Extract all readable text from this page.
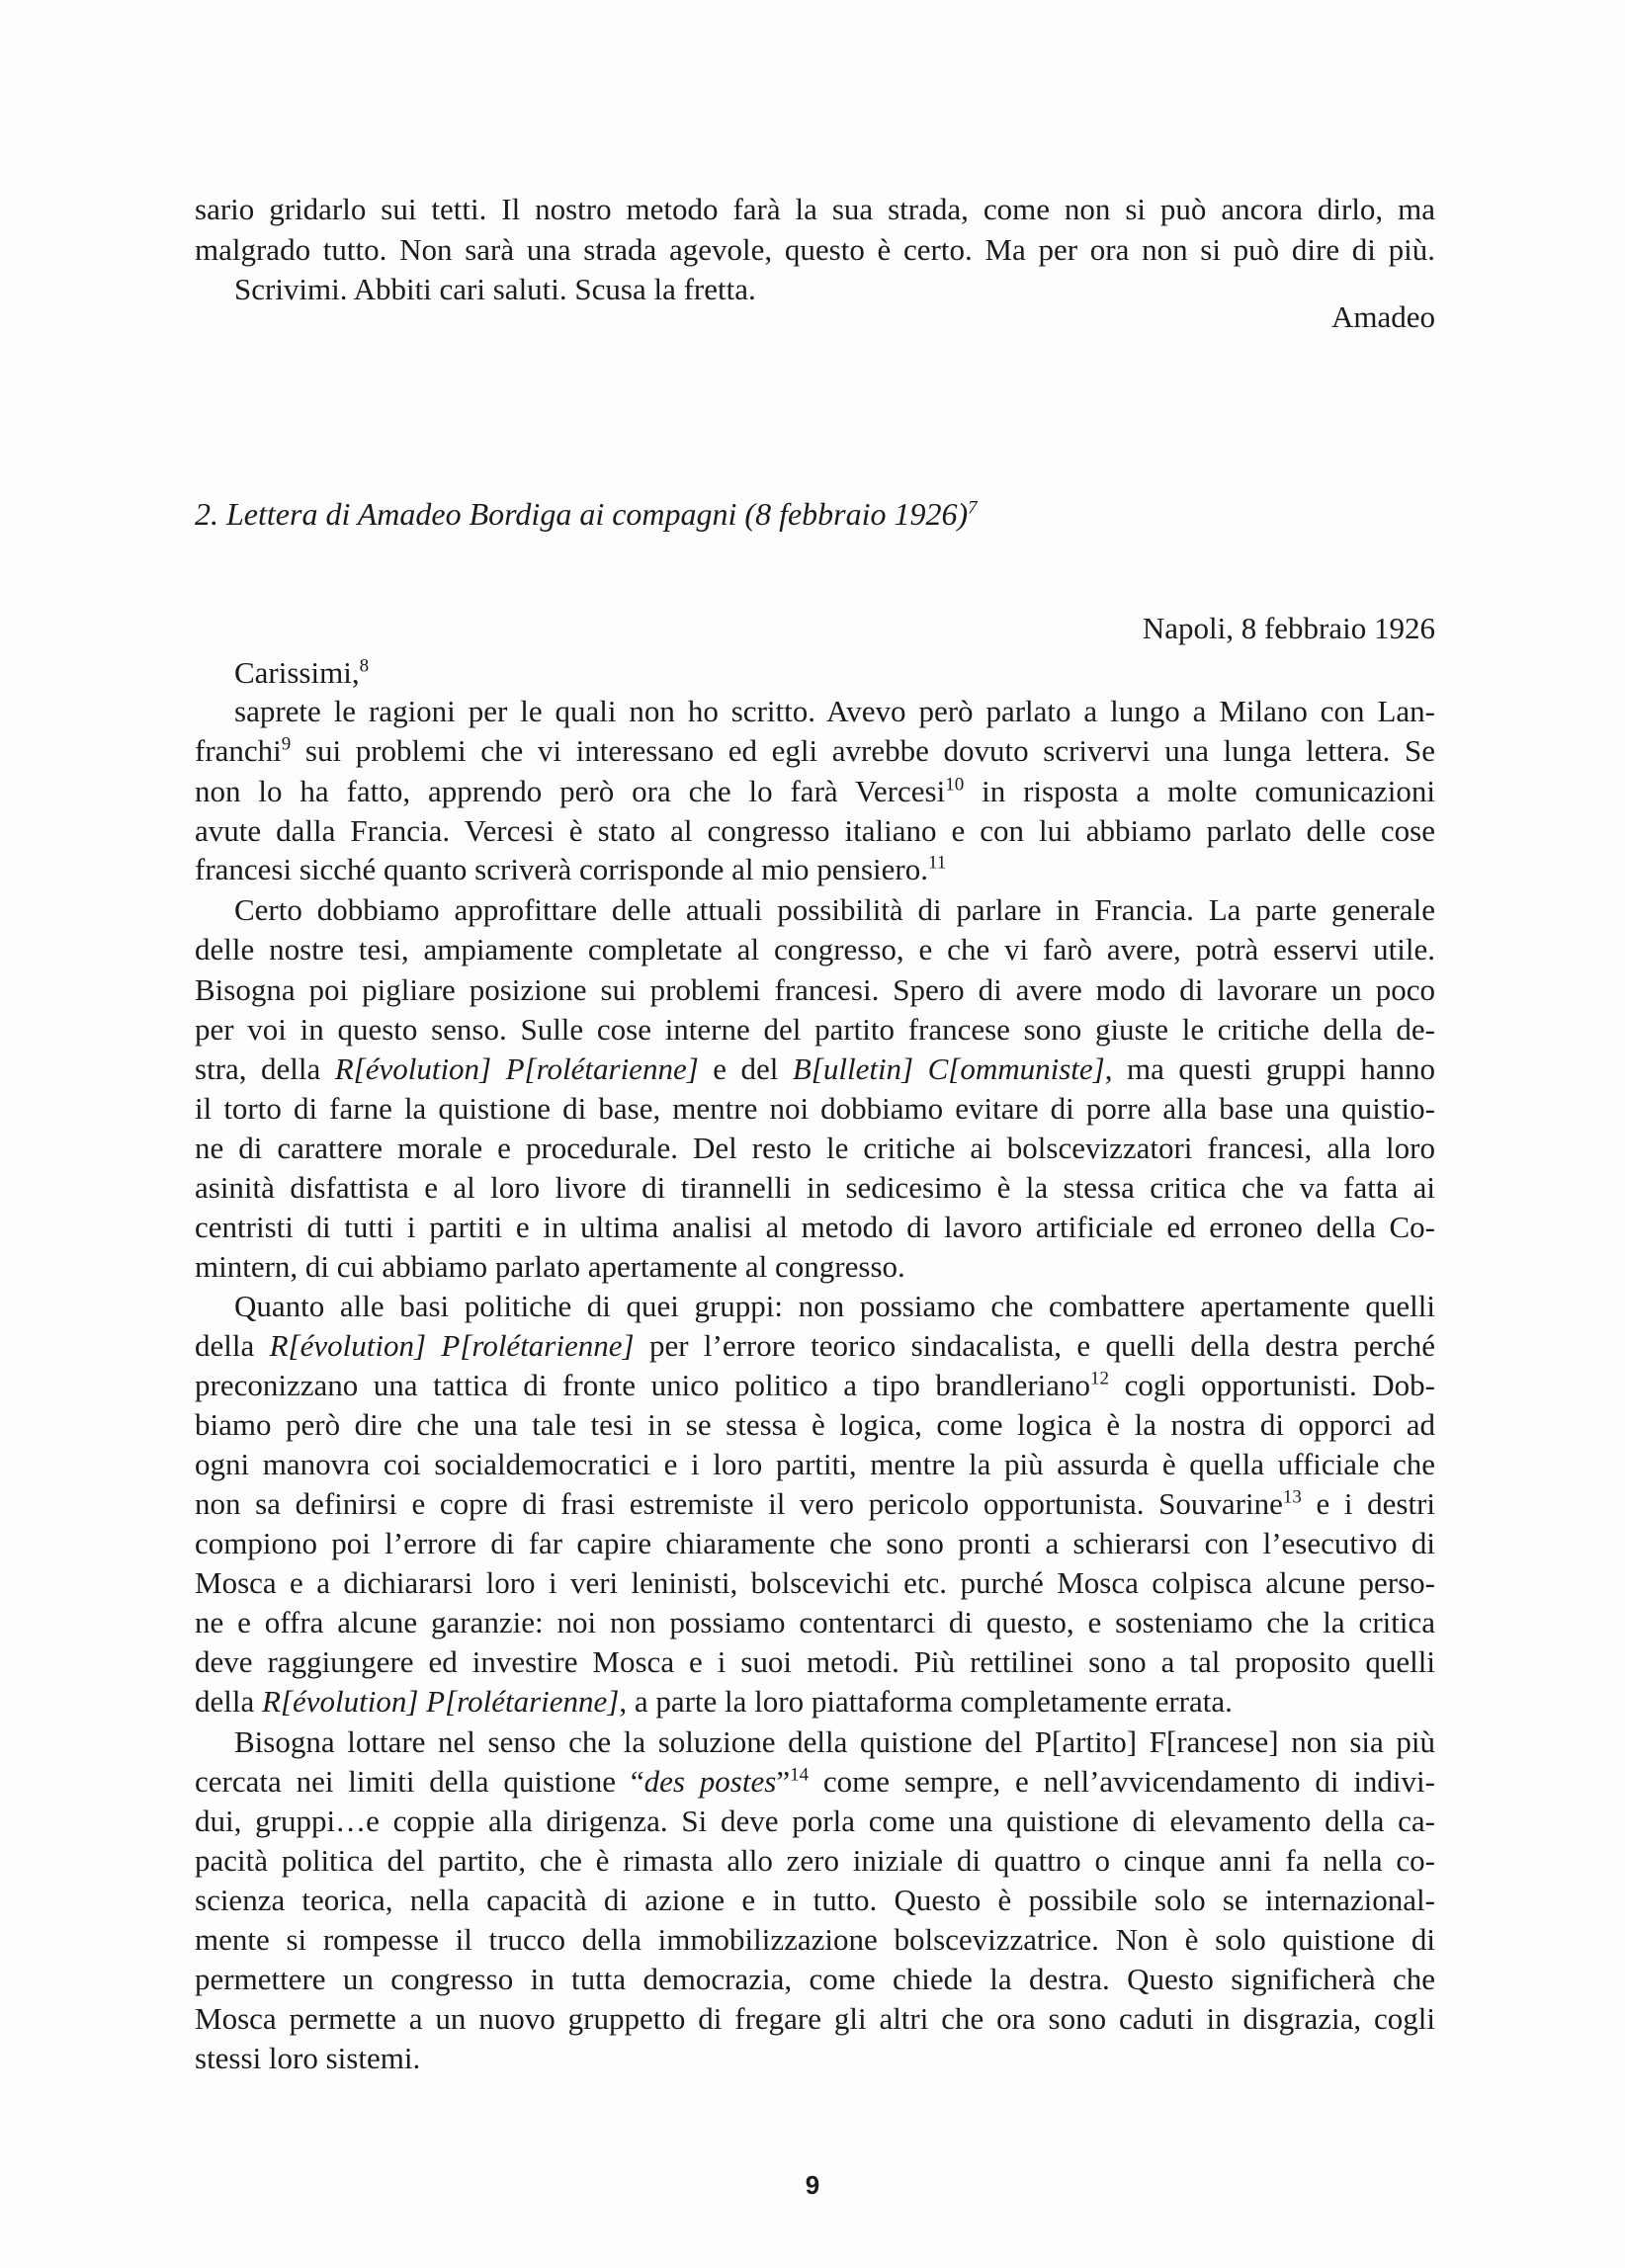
sario gridarlo sui tetti. Il nostro metodo farà la sua strada, come non si può ancora dirlo, ma
malgrado tutto. Non sarà una strada agevole, questo è certo. Ma per ora non si può dire di più.
Scrivimi. Abbiti cari saluti. Scusa la fretta.
Amadeo
2. Lettera di Amadeo Bordiga ai compagni (8 febbraio 1926)$^7$
Napoli, 8 febbraio 1926
Carissimi,$^8$
saprete le ragioni per le quali non ho scritto. Avevo però parlato a lungo a Milano con Lan-
franchi$^9$ sui problemi che vi interessano ed egli avrebbe dovuto scrivervi una lunga lettera. Se
non lo ha fatto, apprendo però ora che lo farà Vercesi$^{10}$ in risposta a molte comunicazioni
avute dalla Francia. Vercesi è stato al congresso italiano e con lui abbiamo parlato delle cose
francesi sicché quanto scriverà corrisponde al mio pensiero.$^{11}$
Certo dobbiamo approfittare delle attuali possibilità di parlare in Francia. La parte generale
delle nostre tesi, ampiamente completate al congresso, e che vi farò avere, potrà esservi utile.
Bisogna poi pigliare posizione sui problemi francesi. Spero di avere modo di lavorare un poco
per voi in questo senso. Sulle cose interne del partito francese sono giuste le critiche della de-
stra, della R[évolution] P[rolétarienne] e del B[ulletin] C[ommuniste], ma questi gruppi hanno
il torto di farne la quistione di base, mentre noi dobbiamo evitare di porre alla base una quistio-
ne di carattere morale e procedurale. Del resto le critiche ai bolscevizzatori francesi, alla loro
asinità disfattista e al loro livore di tirannelli in sedicesimo è la stessa critica che va fatta ai
centristi di tutti i partiti e in ultima analisi al metodo di lavoro artificiale ed erroneo della Co-
mintern, di cui abbiamo parlato apertamente al congresso.
Quanto alle basi politiche di quei gruppi: non possiamo che combattere apertamente quelli
della R[évolution] P[rolétarienne] per l’errore teorico sindacalista, e quelli della destra perché
preconizzano una tattica di fronte unico politico a tipo brandleriano$^{12}$ cogli opportunisti. Dob-
biamo però dire che una tale tesi in se stessa è logica, come logica è la nostra di opporci ad
ogni manovra coi socialdemocratici e i loro partiti, mentre la più assurda è quella ufficiale che
non sa definirsi e copre di frasi estremiste il vero pericolo opportunista. Souvarine$^{13}$ e i destri
compiono poi l’errore di far capire chiaramente che sono pronti a schierarsi con l’esecutivo di
Mosca e a dichiararsi loro i veri leninisti, bolscevichi etc. purché Mosca colpisca alcune perso-
ne e offra alcune garanzie: noi non possiamo contentarci di questo, e sosteniamo che la critica
deve raggiungere ed investire Mosca e i suoi metodi. Più rettilinei sono a tal proposito quelli
della R[évolution] P[rolétarienne], a parte la loro piattaforma completamente errata.
Bisogna lottare nel senso che la soluzione della quistione del P[artito] F[rancese] non sia più
cercata nei limiti della quistione “des postes”$^{14}$ come sempre, e nell’avvicendamento di indivi-
dui, gruppi…e coppie alla dirigenza. Si deve porla come una quistione di elevamento della ca-
pacità politica del partito, che è rimasta allo zero iniziale di quattro o cinque anni fa nella co-
scienza teorica, nella capacità di azione e in tutto. Questo è possibile solo se internazional-
mente si rompesse il trucco della immobilizzazione bolscevizzatrice. Non è solo quistione di
permettere un congresso in tutta democrazia, come chiede la destra. Questo significherà che
Mosca permette a un nuovo gruppetto di fregare gli altri che ora sono caduti in disgrazia, cogli
stessi loro sistemi.
9
